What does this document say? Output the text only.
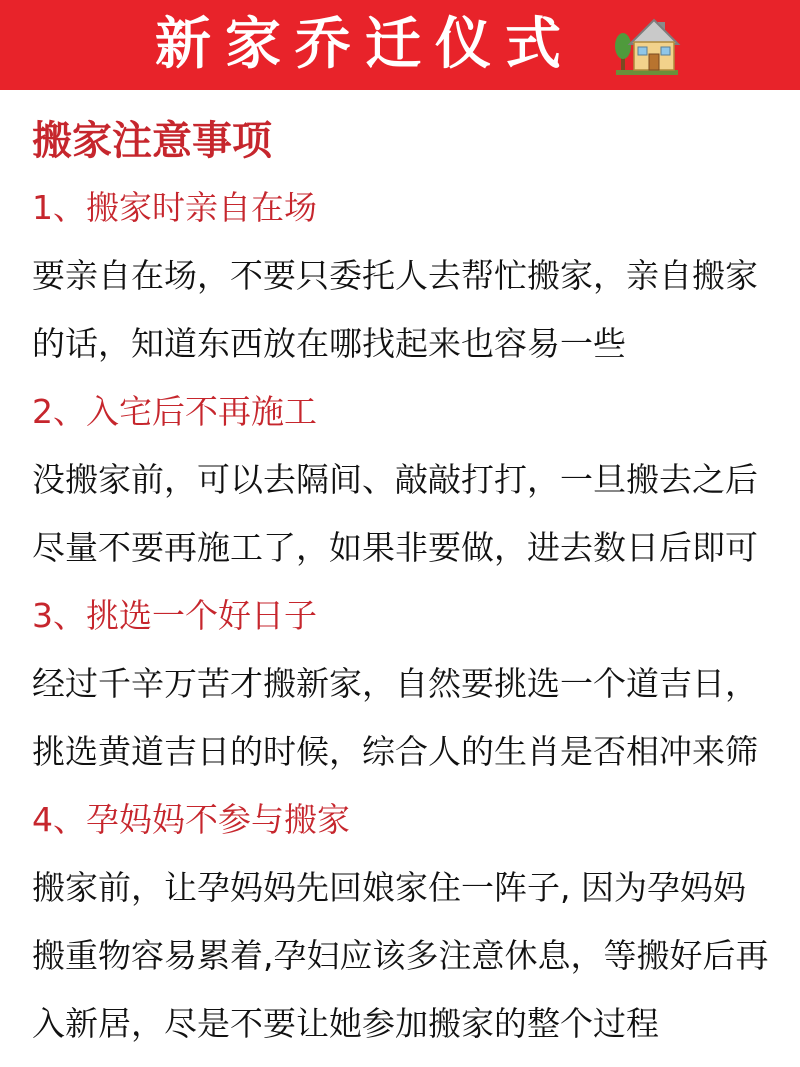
新家乔迁仪式
搬家注意事项
1、搬家时亲自在场
要亲自在场，不要只委托人去帮忙搬家，亲自搬家
的话，知道东西放在哪找起来也容易一些
2、入宅后不再施工
没搬家前，可以去隔间、敲敲打打，一旦搬去之后
尽量不要再施工了，如果非要做，进去数日后即可
3、挑选一个好日子
经过千辛万苦才搬新家，自然要挑选一个道吉日，
挑选黄道吉日的时候，综合人的生肖是否相冲来筛
4、孕妈妈不参与搬家
搬家前，让孕妈妈先回娘家住一阵子, 因为孕妈妈
搬重物容易累着,孕妇应该多注意休息，等搬好后再
入新居，尽是不要让她参加搬家的整个过程
